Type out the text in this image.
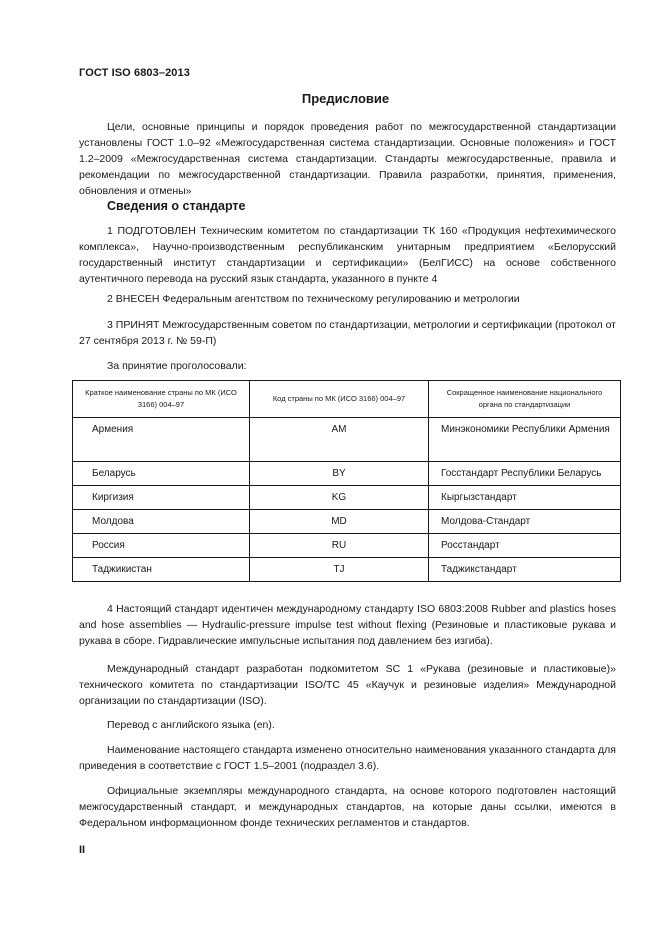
ГОСТ ISO 6803–2013
Предисловие

Цели, основные принципы и порядок проведения работ по межгосударственной стандартизации установлены ГОСТ 1.0–92 «Межгосударственная система стандартизации. Основные положения» и ГОСТ 1.2–2009 «Межгосударственная система стандартизации. Стандарты межгосударственные, правила и рекомендации по межгосударственной стандартизации. Правила разработки, принятия, применения, обновления и отмены»

Сведения о стандарте

1 ПОДГОТОВЛЕН Техническим комитетом по стандартизации ТК 160 «Продукция нефтехимического комплекса», Научно-производственным республиканским унитарным предприятием «Белорусский государственный институт стандартизации и сертификации» (БелГИСС) на основе собственного аутентичного перевода на русский язык стандарта, указанного в пункте 4

2 ВНЕСЕН Федеральным агентством по техническому регулированию и метрологии

3 ПРИНЯТ Межгосударственным советом по стандартизации, метрологии и сертификации (протокол от 27 сентября 2013 г. № 59-П)

За принятие проголосовали:

Краткое наименование страны по МК (ИСО 3166) 004–97	Код страны по МК (ИСО 3166) 004–97	Сокращенное наименование национального органа по стандартизации
Армения	AM	Минэкономики Республики Армения
Беларусь	BY	Госстандарт Республики Беларусь
Киргизия	KG	Кыргызстандарт
Молдова	MD	Молдова-Стандарт
Россия	RU	Росстандарт
Таджикистан	TJ	Таджикстандарт

4 Настоящий стандарт идентичен международному стандарту ISO 6803:2008 Rubber and plastics hoses and hose assemblies — Hydraulic-pressure impulse test without flexing (Резиновые и пластиковые рукава и рукава в сборе. Гидравлические импульсные испытания под давлением без изгиба).

Международный стандарт разработан подкомитетом SC 1 «Рукава (резиновые и пластиковые)» технического комитета по стандартизации ISO/TC 45 «Каучук и резиновые изделия» Международной организации по стандартизации (ISO).

Перевод с английского языка (en).

Наименование настоящего стандарта изменено относительно наименования указанного стандарта для приведения в соответствие с ГОСТ 1.5–2001 (подраздел 3.6).

Официальные экземпляры международного стандарта, на основе которого подготовлен настоящий межгосударственный стандарт, и международных стандартов, на которые даны ссылки, имеются в Федеральном информационном фонде технических регламентов и стандартов.

II
